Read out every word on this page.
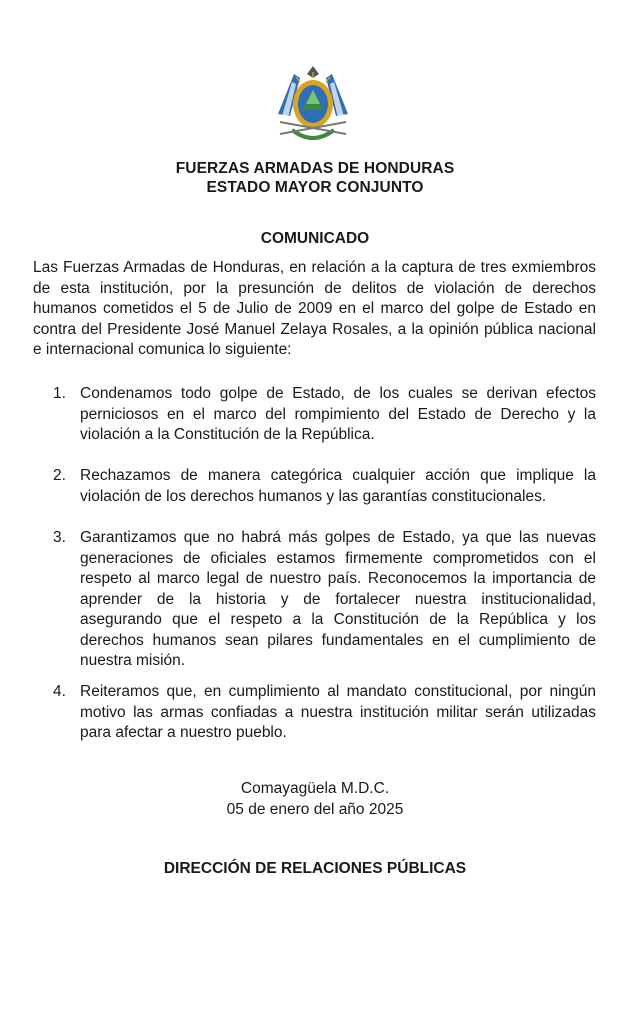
FUERZAS ARMADAS DE HONDURAS
ESTADO MAYOR CONJUNTO
COMUNICADO
Las Fuerzas Armadas de Honduras, en relación a la captura de tres exmiembros de esta institución, por la presunción de delitos de violación de derechos humanos cometidos el 5 de Julio de 2009 en el marco del golpe de Estado en contra del Presidente José Manuel Zelaya Rosales, a la opinión pública nacional e internacional comunica lo siguiente:
1. Condenamos todo golpe de Estado, de los cuales se derivan efectos perniciosos en el marco del rompimiento del Estado de Derecho y la violación a la Constitución de la República.
2. Rechazamos de manera categórica cualquier acción que implique la violación de los derechos humanos y las garantías constitucionales.
3. Garantizamos que no habrá más golpes de Estado, ya que las nuevas generaciones de oficiales estamos firmemente comprometidos con el respeto al marco legal de nuestro país. Reconocemos la importancia de aprender de la historia y de fortalecer nuestra institucionalidad, asegurando que el respeto a la Constitución de la República y los derechos humanos sean pilares fundamentales en el cumplimiento de nuestra misión.
4. Reiteramos que, en cumplimiento al mandato constitucional, por ningún motivo las armas confiadas a nuestra institución militar serán utilizadas para afectar a nuestro pueblo.
Comayagüela M.D.C.
05 de enero del año 2025
DIRECCIÓN DE RELACIONES PÚBLICAS
